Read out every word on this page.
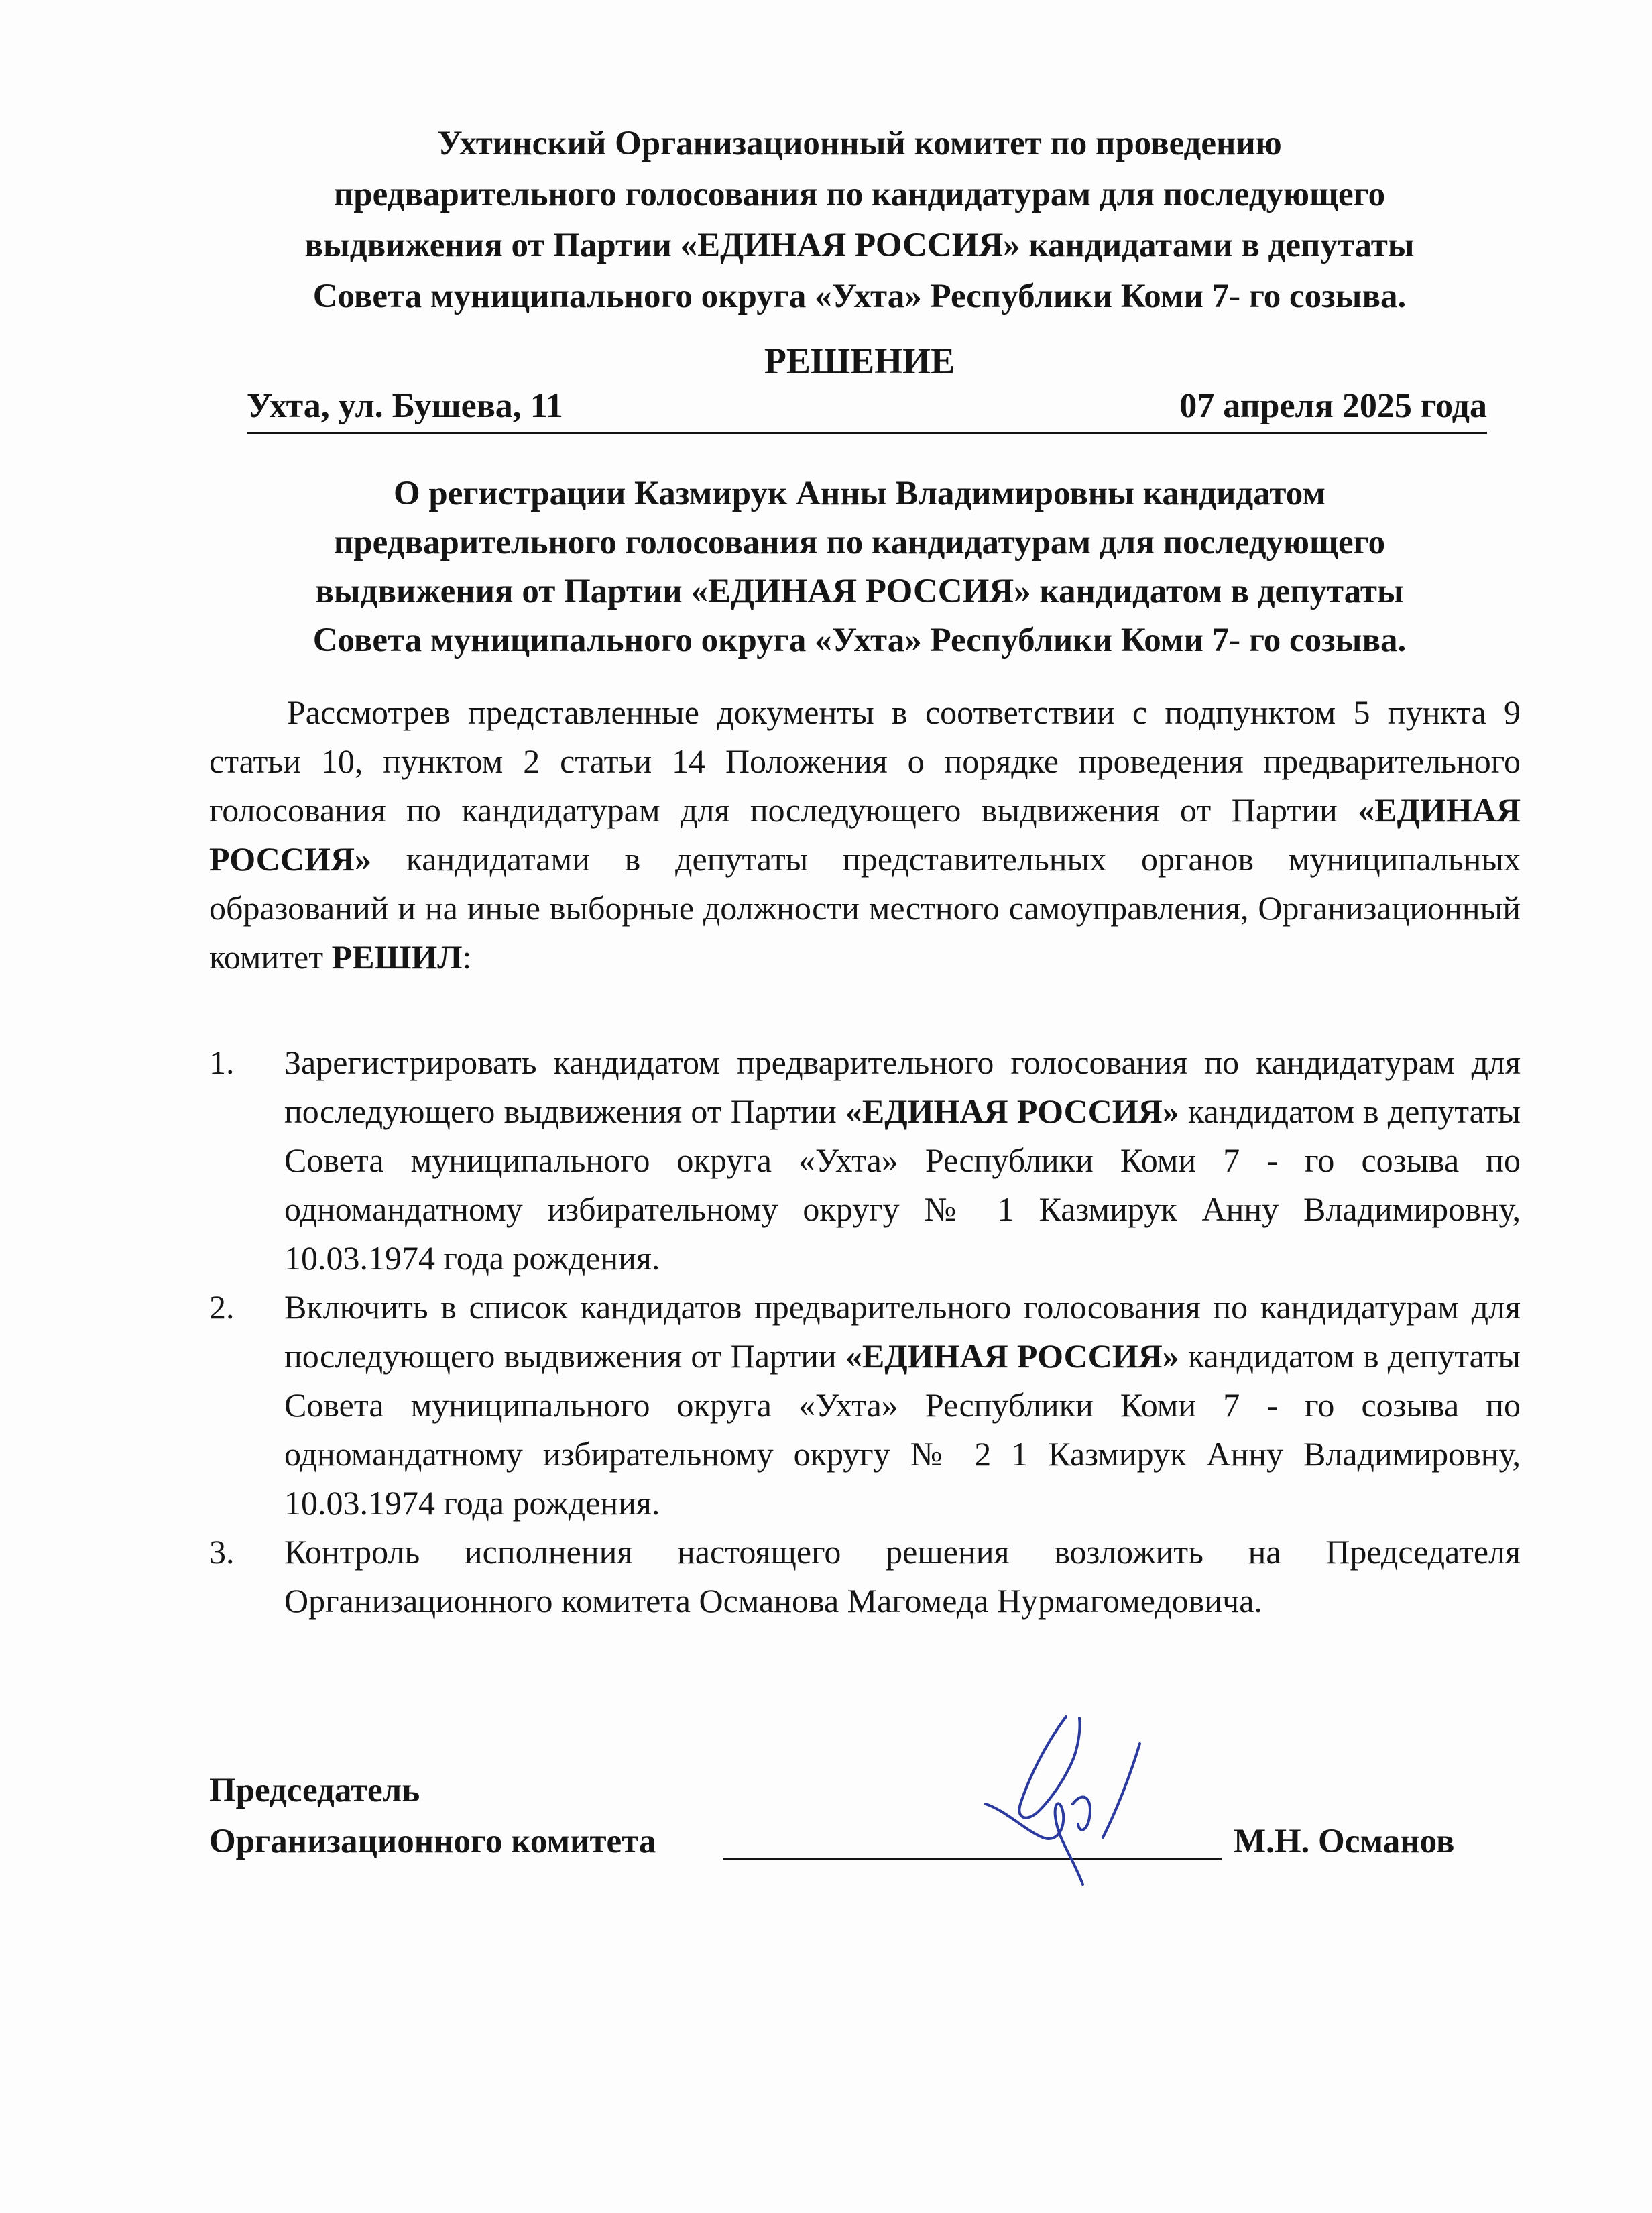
Ухтинский Организационный комитет по проведению

предварительного голосования по кандидатурам для последующего

выдвижения от Партии «ЕДИНАЯ РОССИЯ» кандидатами в депутаты

Совета муниципального округа «Ухта» Республики Коми 7- го созыва.

РЕШЕНИЕ
Ухта, ул. Бушева, 11	07 апреля 2025 года

О регистрации Казмирук Анны Владимировны кандидатом

предварительного голосования по кандидатурам для последующего

выдвижения от Партии «ЕДИНАЯ РОССИЯ» кандидатом в депутаты

Совета муниципального округа «Ухта» Республики Коми 7- го созыва.

Рассмотрев представленные документы в соответствии с подпунктом 5 пункта 9 статьи 10, пунктом 2 статьи 14 Положения о порядке проведения предварительного голосования по кандидатурам для последующего выдвижения от Партии «ЕДИНАЯ РОССИЯ» кандидатами в депутаты представительных органов муниципальных образований и на иные выборные должности местного самоуправления, Организационный комитет РЕШИЛ:

1. Зарегистрировать кандидатом предварительного голосования по кандидатурам для последующего выдвижения от Партии «ЕДИНАЯ РОССИЯ» кандидатом в депутаты Совета муниципального округа «Ухта» Республики Коми 7 - го созыва по одномандатному избирательному округу № 1 Казмирук Анну Владимировну, 10.03.1974 года рождения.
2. Включить в список кандидатов предварительного голосования по кандидатурам для последующего выдвижения от Партии «ЕДИНАЯ РОССИЯ» кандидатом в депутаты Совета муниципального округа «Ухта» Республики Коми 7 - го созыва по одномандатному избирательному округу № 2 1 Казмирук Анну Владимировну, 10.03.1974 года рождения.
3. Контроль исполнения настоящего решения возложить на Председателя Организационного комитета Османова Магомеда Нурмагомедовича.

Председатель

Организационного комитета	М.Н. Османов
